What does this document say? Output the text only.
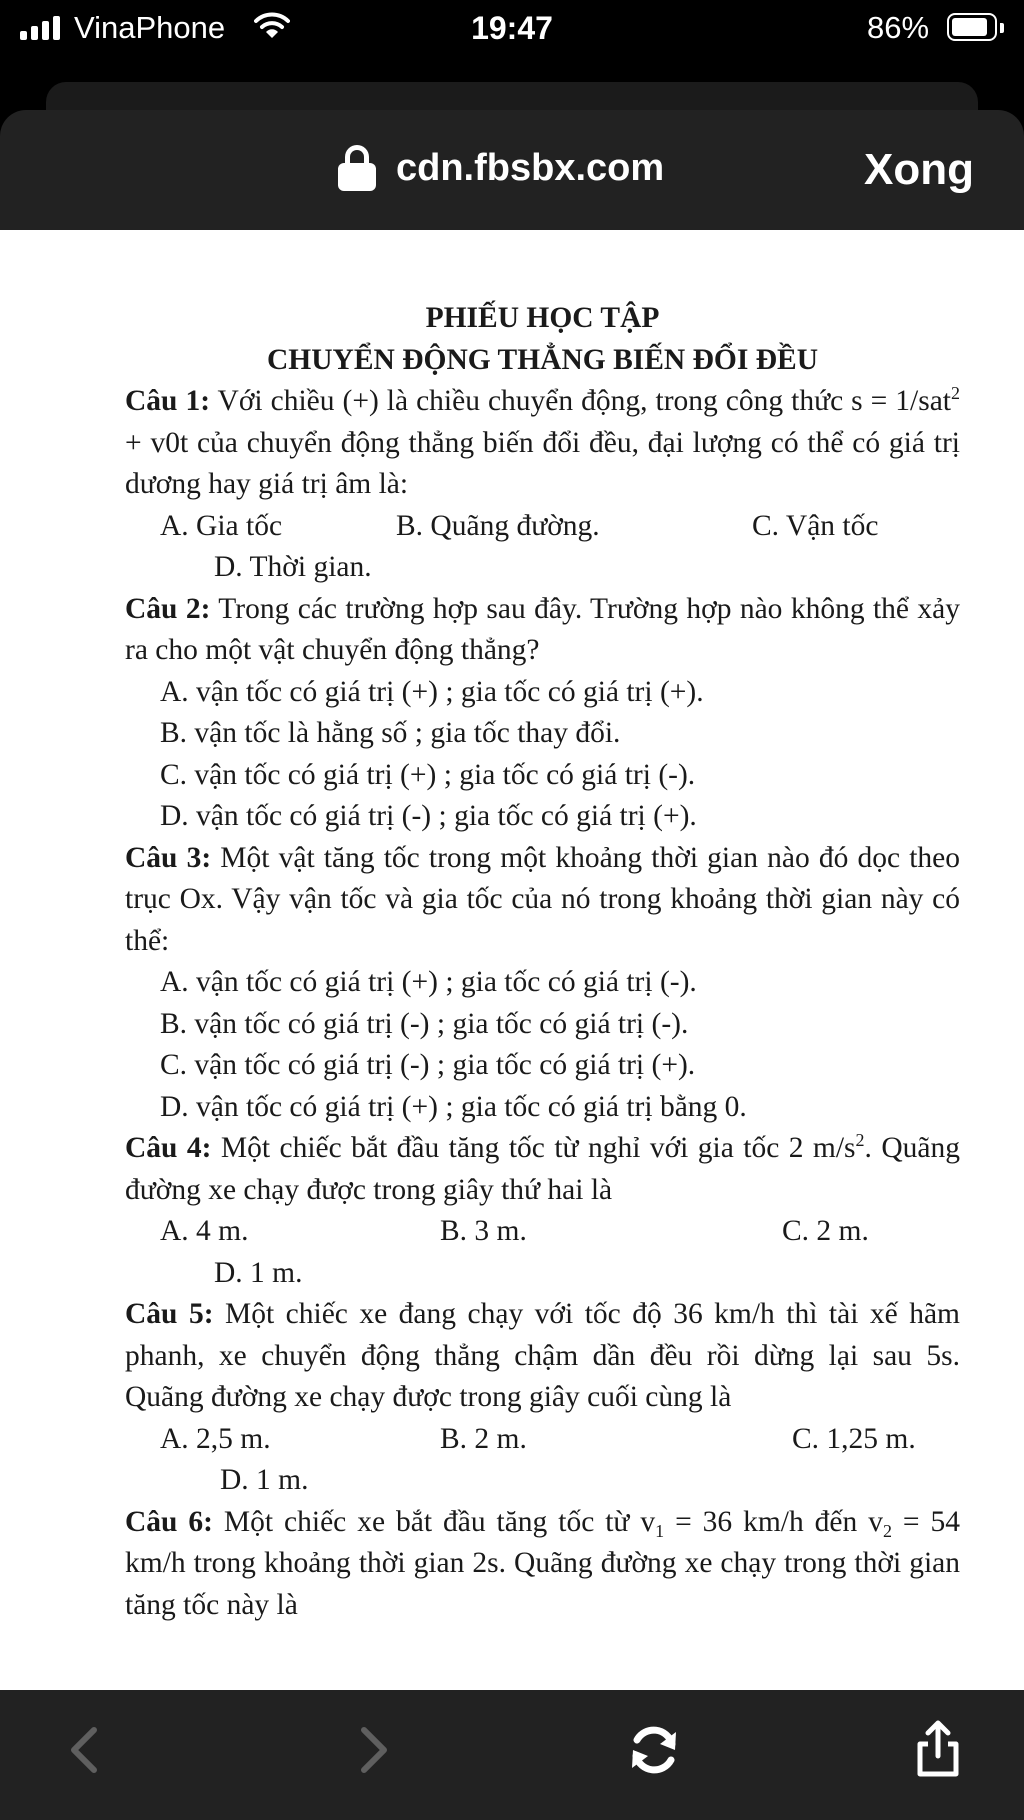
VinaPhone	19:47	86%
cdn.fbsbx.com	Xong
PHIẾU HỌC TẬP
CHUYỂN ĐỘNG THẲNG BIẾN ĐỔI ĐỀU
Câu 1: Với chiều (+) là chiều chuyển động, trong công thức s = 1/sat$^2$ + v0t của chuyển động thẳng biến đổi đều, đại lượng có thể có giá trị dương hay giá trị âm là:
A. Gia tốc	B. Quãng đường.	C. Vận tốc
D. Thời gian.
Câu 2: Trong các trường hợp sau đây. Trường hợp nào không thể xảy ra cho một vật chuyển động thẳng?
A. vận tốc có giá trị (+) ; gia tốc có giá trị (+).
B. vận tốc là hằng số ; gia tốc thay đổi.
C. vận tốc có giá trị (+) ; gia tốc có giá trị (-).
D. vận tốc có giá trị (-) ; gia tốc có giá trị (+).
Câu 3: Một vật tăng tốc trong một khoảng thời gian nào đó dọc theo trục Ox. Vậy vận tốc và gia tốc của nó trong khoảng thời gian này có thể:
A. vận tốc có giá trị (+) ; gia tốc có giá trị (-).
B. vận tốc có giá trị (-) ; gia tốc có giá trị (-).
C. vận tốc có giá trị (-) ; gia tốc có giá trị (+).
D. vận tốc có giá trị (+) ; gia tốc có giá trị bằng 0.
Câu 4: Một chiếc bắt đầu tăng tốc từ nghỉ với gia tốc 2 $m/s^2$. Quãng đường xe chạy được trong giây thứ hai là
A. 4 m.	B. 3 m.	C. 2 m.
D. 1 m.
Câu 5: Một chiếc xe đang chạy với tốc độ 36 km/h thì tài xế hãm phanh, xe chuyển động thẳng chậm dần đều rồi dừng lại sau 5s. Quãng đường xe chạy được trong giây cuối cùng là
A. 2,5 m.	B. 2 m.	C. 1,25 m.
D. 1 m.
Câu 6: Một chiếc xe bắt đầu tăng tốc từ $v_1 = 36$ km/h đến $v_2 = 54$ km/h trong khoảng thời gian 2s. Quãng đường xe chạy trong thời gian tăng tốc này là
